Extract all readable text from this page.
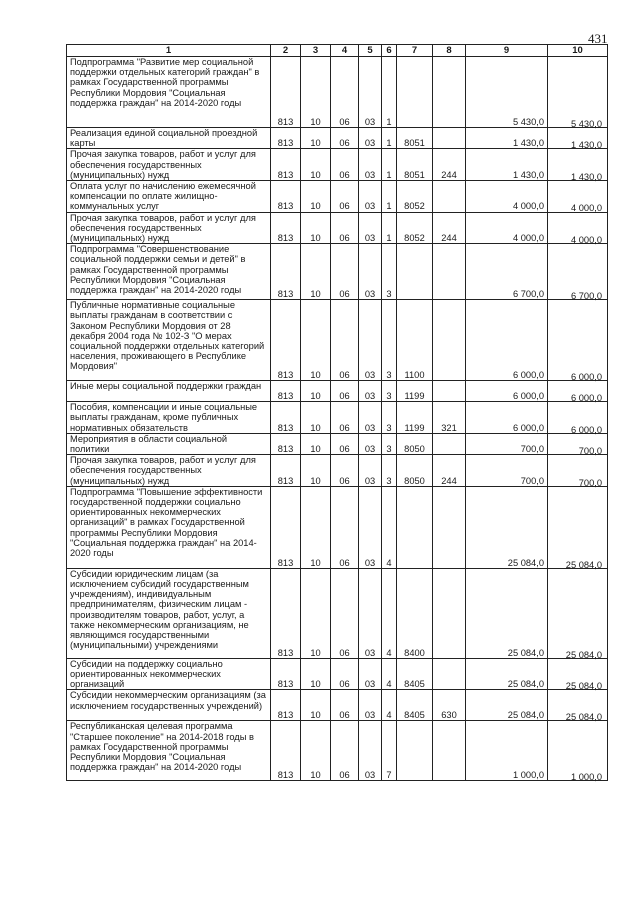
431
1	2	3	4	5	6	7	8	9	10
Подпрограмма "Развитие мер социальной поддержки отдельных категорий граждан" в рамках Государственной программы Республики Мордовия "Социальная поддержка граждан" на 2014-2020 годы	813	10	06	03	1			5 430,0	5 430,0
Реализация единой социальной проездной карты	813	10	06	03	1	8051		1 430,0	1 430,0
Прочая закупка товаров, работ и услуг для обеспечения государственных (муниципальных) нужд	813	10	06	03	1	8051	244	1 430,0	1 430,0
Оплата услуг по начислению ежемесячной компенсации по оплате жилищно-коммунальных услуг	813	10	06	03	1	8052		4 000,0	4 000,0
Прочая закупка товаров, работ и услуг для обеспечения государственных (муниципальных) нужд	813	10	06	03	1	8052	244	4 000,0	4 000,0
Подпрограмма "Совершенствование социальной поддержки семьи и детей" в рамках Государственной программы Республики Мордовия "Социальная поддержка граждан" на 2014-2020 годы	813	10	06	03	3			6 700,0	6 700,0
Публичные нормативные социальные выплаты гражданам в соответствии с Законом Республики Мордовия от 28 декабря 2004 года № 102-З "О мерах социальной поддержки отдельных категорий населения, проживающего в Республике Мордовия"	813	10	06	03	3	1100		6 000,0	6 000,0
Иные меры социальной поддержки граждан	813	10	06	03	3	1199		6 000,0	6 000,0
Пособия, компенсации и иные социальные выплаты гражданам, кроме публичных нормативных обязательств	813	10	06	03	3	1199	321	6 000,0	6 000,0
Мероприятия в области социальной политики	813	10	06	03	3	8050		700,0	700,0
Прочая закупка товаров, работ и услуг для обеспечения государственных (муниципальных) нужд	813	10	06	03	3	8050	244	700,0	700,0
Подпрограмма "Повышение эффективности государственной поддержки социально ориентированных некоммерческих организаций" в рамках Государственной программы Республики Мордовия "Социальная поддержка граждан" на 2014-2020 годы	813	10	06	03	4			25 084,0	25 084,0
Субсидии юридическим лицам (за исключением субсидий государственным учреждениям), индивидуальным предпринимателям, физическим лицам - производителям товаров, работ, услуг, а также некоммерческим организациям, не являющимся государственными (муниципальными) учреждениями	813	10	06	03	4	8400		25 084,0	25 084,0
Субсидии на поддержку социально ориентированных некоммерческих организаций	813	10	06	03	4	8405		25 084,0	25 084,0
Субсидии некоммерческим организациям (за исключением государственных учреждений)	813	10	06	03	4	8405	630	25 084,0	25 084,0
Республиканская целевая программа "Старшее поколение" на 2014-2018 годы в рамках Государственной программы Республики Мордовия "Социальная поддержка граждан" на 2014-2020 годы	813	10	06	03	7			1 000,0	1 000,0
